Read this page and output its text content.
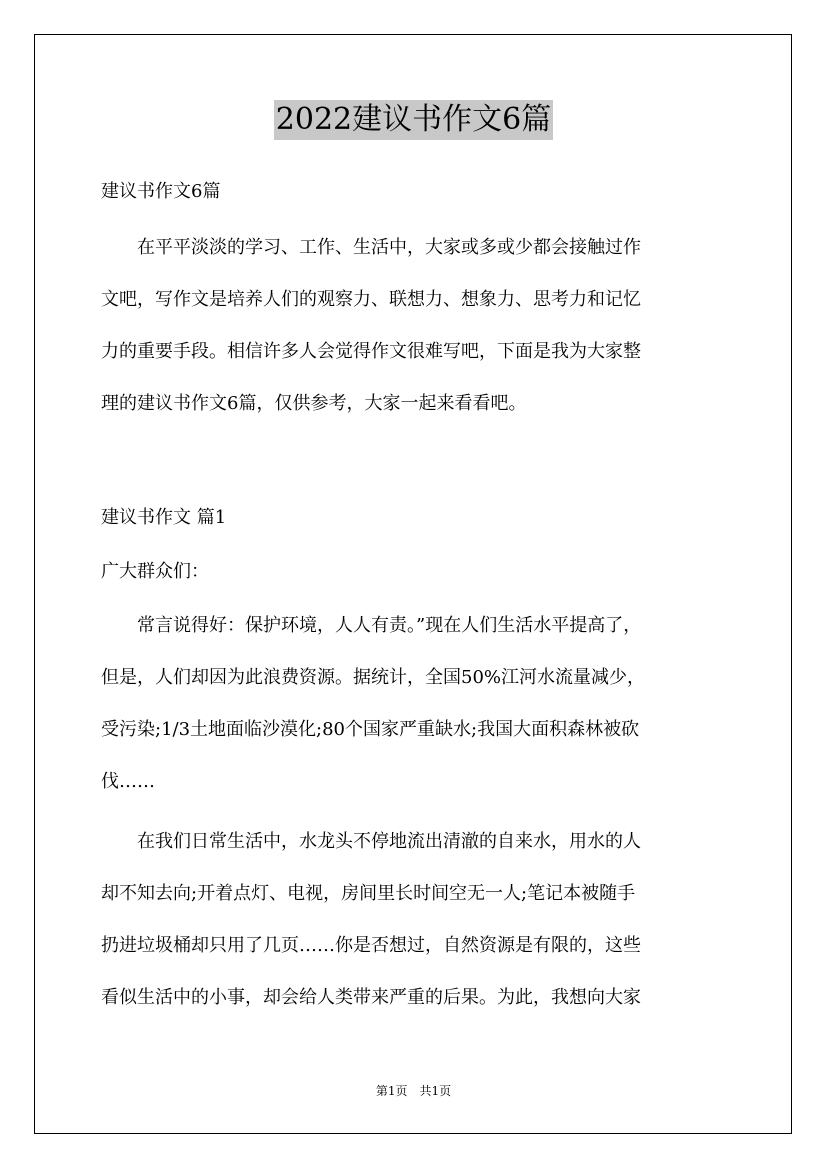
2022建议书作文6篇
建议书作文6篇
　　在平平淡淡的学习、工作、生活中，大家或多或少都会接触过作
文吧，写作文是培养人们的观察力、联想力、想象力、思考力和记忆
力的重要手段。相信许多人会觉得作文很难写吧，下面是我为大家整
理的建议书作文6篇，仅供参考，大家一起来看看吧。
建议书作文 篇1
广大群众们：
　　常言说得好：保护环境，人人有责。”现在人们生活水平提高了，
但是，人们却因为此浪费资源。据统计，全国50%江河水流量减少，
受污染;1/3土地面临沙漠化;80个国家严重缺水;我国大面积森林被砍
伐……
　　在我们日常生活中，水龙头不停地流出清澈的自来水，用水的人
却不知去向;开着点灯、电视，房间里长时间空无一人;笔记本被随手
扔进垃圾桶却只用了几页……你是否想过，自然资源是有限的，这些
看似生活中的小事，却会给人类带来严重的后果。为此，我想向大家
第1页　共1页
